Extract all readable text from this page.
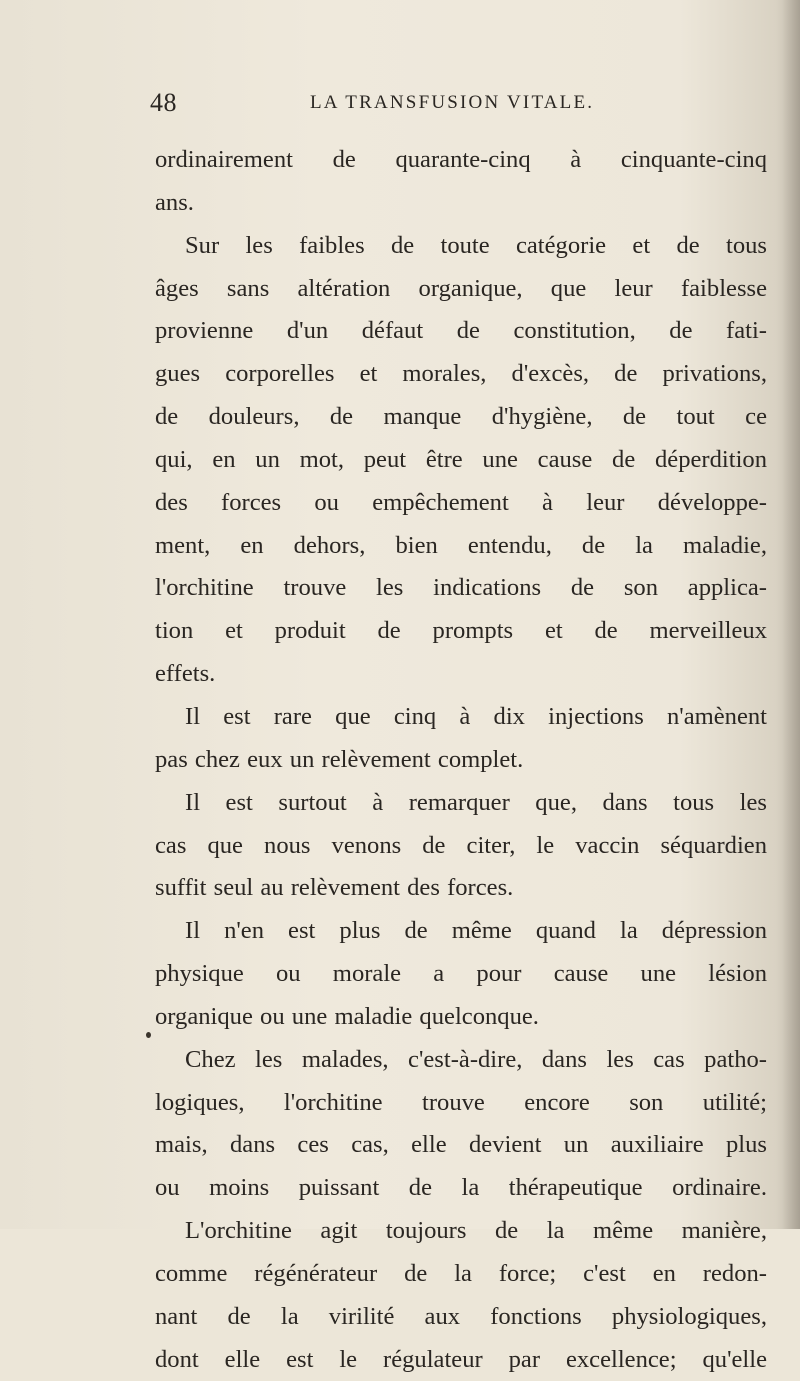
48	LA TRANSFUSION VITALE.
ordinairement de quarante-cinq à cinquante-cinq
ans.
Sur les faibles de toute catégorie et de tous
âges sans altération organique, que leur faiblesse
provienne d'un défaut de constitution, de fati-
gues corporelles et morales, d'excès, de privations,
de douleurs, de manque d'hygiène, de tout ce
qui, en un mot, peut être une cause de déperdition
des forces ou empêchement à leur développe-
ment, en dehors, bien entendu, de la maladie,
l'orchitine trouve les indications de son applica-
tion et produit de prompts et de merveilleux
effets.
Il est rare que cinq à dix injections n'amènent
pas chez eux un relèvement complet.
Il est surtout à remarquer que, dans tous les
cas que nous venons de citer, le vaccin séquardien
suffit seul au relèvement des forces.
Il n'en est plus de même quand la dépression
physique ou morale a pour cause une lésion
organique ou une maladie quelconque.
Chez les malades, c'est-à-dire, dans les cas patho-
logiques, l'orchitine trouve encore son utilité;
mais, dans ces cas, elle devient un auxiliaire plus
ou moins puissant de la thérapeutique ordinaire.
L'orchitine agit toujours de la même manière,
comme régénérateur de la force; c'est en redon-
nant de la virilité aux fonctions physiologiques,
dont elle est le régulateur par excellence; qu'elle
